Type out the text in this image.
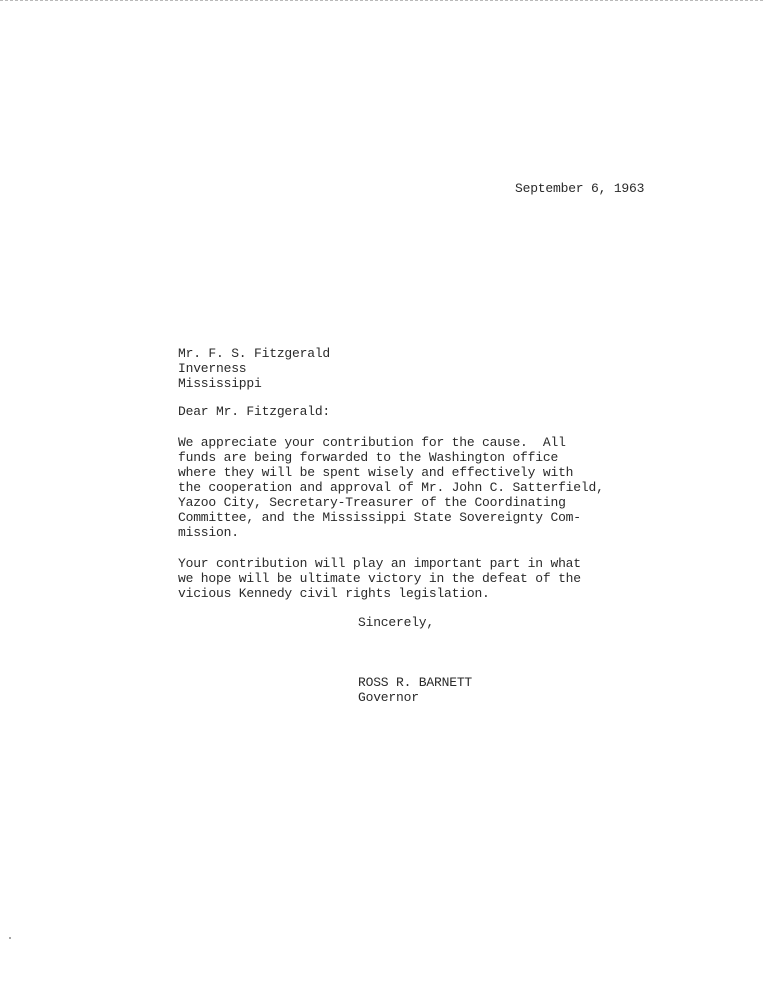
September 6, 1963
Mr. F. S. Fitzgerald
Inverness
Mississippi
Dear Mr. Fitzgerald:
We appreciate your contribution for the cause.  All
funds are being forwarded to the Washington office
where they will be spent wisely and effectively with
the cooperation and approval of Mr. John C. Satterfield,
Yazoo City, Secretary-Treasurer of the Coordinating
Committee, and the Mississippi State Sovereignty Com-
mission.
Your contribution will play an important part in what
we hope will be ultimate victory in the defeat of the
vicious Kennedy civil rights legislation.
Sincerely,
ROSS R. BARNETT
Governor
